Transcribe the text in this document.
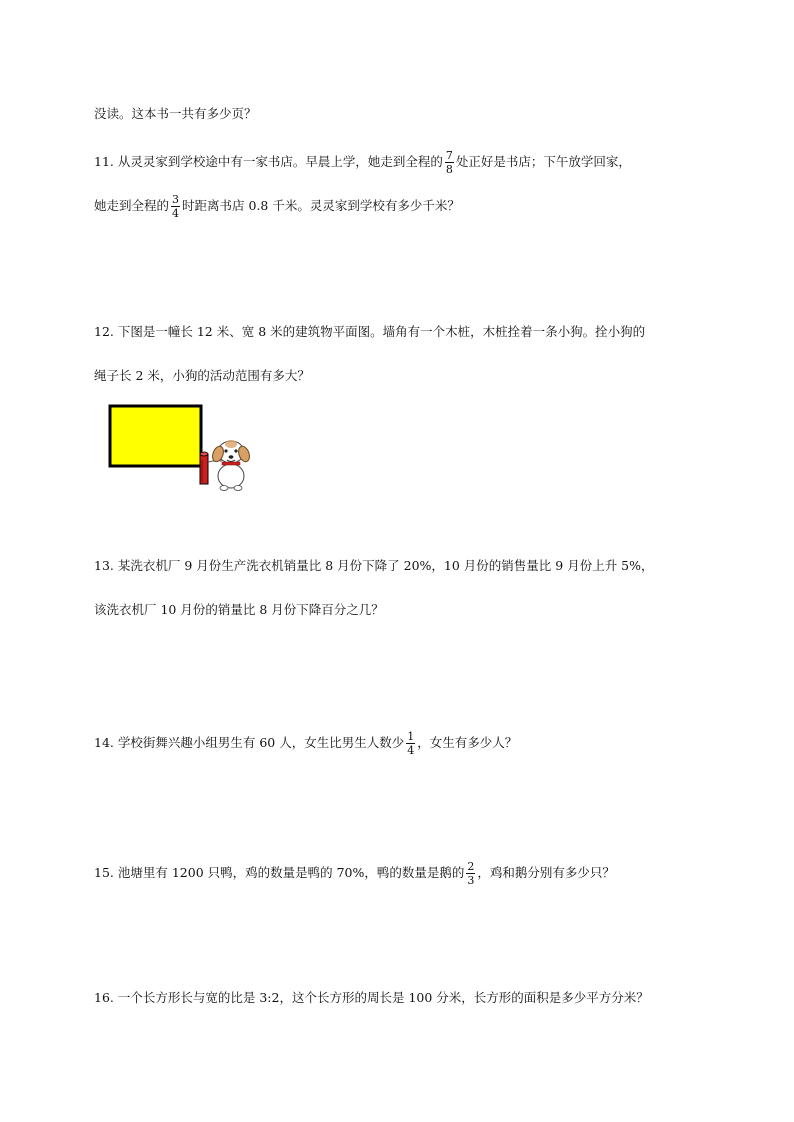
没读。这本书一共有多少页？
11. 从灵灵家到学校途中有一家书店。早晨上学，她走到全程的 $\frac{7}{8}$ 处正好是书店；下午放学回家，
她走到全程的 $\frac{3}{4}$ 时距离书店 0.8 千米。灵灵家到学校有多少千米？
12. 下图是一幢长 12 米、宽 8 米的建筑物平面图。墙角有一个木桩，木桩拴着一条小狗。拴小狗的
绳子长 2 米，小狗的活动范围有多大？
13. 某洗衣机厂 9 月份生产洗衣机销量比 8 月份下降了 20%，10 月份的销售量比 9 月份上升 5%，
该洗衣机厂 10 月份的销量比 8 月份下降百分之几？
14. 学校街舞兴趣小组男生有 60 人，女生比男生人数少 $\frac{1}{4}$ ，女生有多少人？
15. 池塘里有 1200 只鸭，鸡的数量是鸭的 70%，鸭的数量是鹅的 $\frac{2}{3}$ ，鸡和鹅分别有多少只？
16. 一个长方形长与宽的比是 3:2，这个长方形的周长是 100 分米，长方形的面积是多少平方分米？
